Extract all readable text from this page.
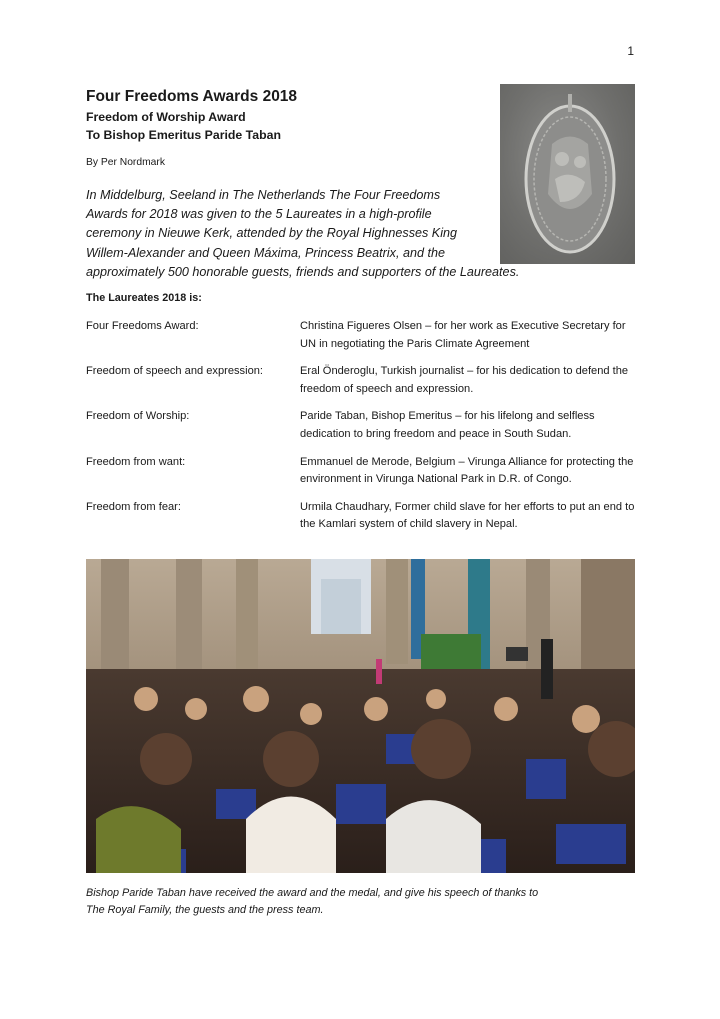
1
Four Freedoms Awards 2018
Freedom of Worship Award
To Bishop Emeritus Paride Taban
By Per Nordmark

In Middelburg, Seeland in The Netherlands The Four Freedoms
Awards for 2018 was given to the 5 Laureates in a high-profile
ceremony in Nieuwe Kerk, attended by the Royal Highnesses King
Willem-Alexander and Queen Máxima, Princess Beatrix, and the
approximately 500 honorable guests, friends and supporters of the Laureates.

The Laureates 2018 is:
Four Freedoms Award:	Christina Figueres Olsen – for her work as Executive Secretary for UN in negotiating the Paris Climate Agreement
Freedom of speech and expression:	Eral Önderoglu, Turkish journalist – for his dedication to defend the freedom of speech and expression.
Freedom of Worship:	Paride Taban, Bishop Emeritus – for his lifelong and selfless dedication to bring freedom and peace in South Sudan.
Freedom from want:	Emmanuel de Merode, Belgium – Virunga Alliance for protecting the environment in Virunga National Park in D.R. of Congo.
Freedom from fear:	Urmila Chaudhary, Former child slave for her efforts to put an end to the Kamlari system of child slavery in Nepal.

Bishop Paride Taban have received the award and the medal, and give his speech of thanks to
The Royal Family, the guests and the press team.
